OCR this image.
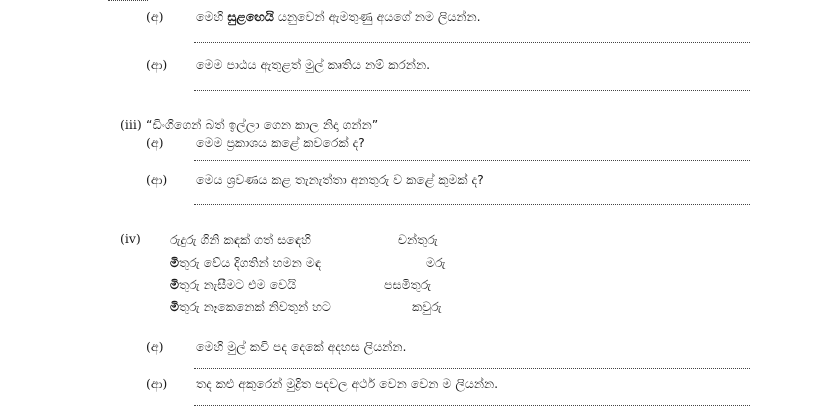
(අ)	මෙහි සුළඟෙයි යනුවෙන් ඇමතුණු අයගේ නම ලියන්න.
(ආ) මෙම පාඨය ඇතුළත් මුල් කෘතිය නම් කරන්න.
(iii) “ඩිංගිගෙන් බත් ඉල්ලා ගෙන කාල නිදා ගන්න”
(අ)	මෙම ප්‍රකාශය කළේ කවරෙක් ද?
(ආ) මෙය ශ්‍රවණය කළ තැනැත්තා අනතුරු ව කළේ කුමක් ද?
(iv) රුදුරු ගිනි කඳක් ගත් සඳෙහි	චන්තුරු
මිතුරු වේය දිගතින් හමන මඳ	මරු
මිතුරු නැසීමට එම වෙයි	පසමිතුරු
මිතුරු නෑකෙනෙක් නිවතුන් හට	කවුරු
(අ)	මෙහි මුල් කවි පද දෙකේ අදහස ලියන්න.
(ආ) තද කළු අකුරෙන් මුද්‍රිත පදවල අර්ථ වෙන වෙන ම ලියන්න.
